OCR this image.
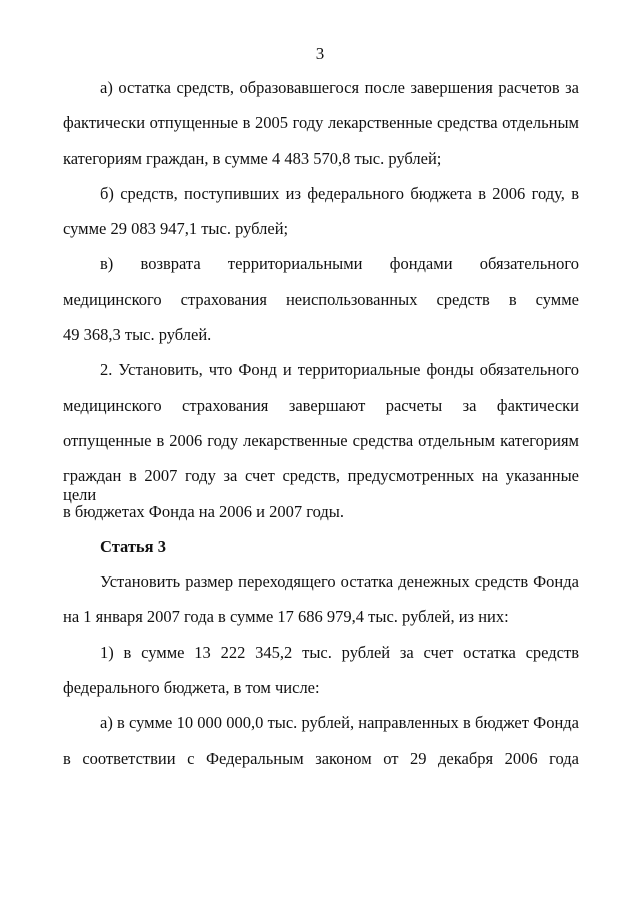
3
а) остатка средств, образовавшегося после завершения расчетов за
фактически отпущенные в 2005 году лекарственные средства отдельным
категориям граждан, в сумме 4 483 570,8 тыс. рублей;
б) средств, поступивших из федерального бюджета в 2006 году, в
сумме 29 083 947,1 тыс. рублей;
в) возврата территориальными фондами обязательного
медицинского страхования неиспользованных средств в сумме
49 368,3 тыс. рублей.
2. Установить, что Фонд и территориальные фонды обязательного
медицинского страхования завершают расчеты за фактически
отпущенные в 2006 году лекарственные средства отдельным категориям
граждан в 2007 году за счет средств, предусмотренных на указанные цели
в бюджетах Фонда на 2006 и 2007 годы.
Статья 3
Установить размер переходящего остатка денежных средств Фонда
на 1 января 2007 года в сумме 17 686 979,4 тыс. рублей, из них:
1) в сумме 13 222 345,2 тыс. рублей за счет остатка средств
федерального бюджета, в том числе:
а) в сумме 10 000 000,0 тыс. рублей, направленных в бюджет Фонда
в соответствии с Федеральным законом от 29 декабря 2006 года
